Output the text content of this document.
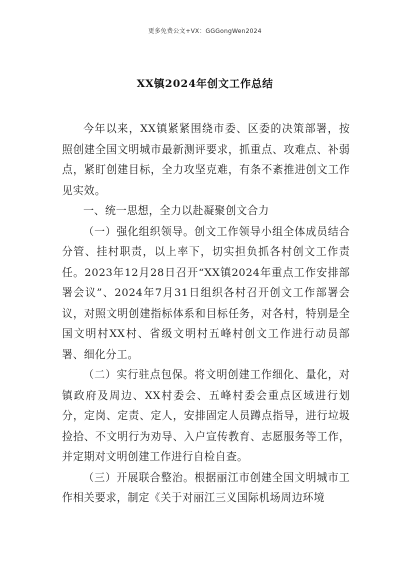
更多免费公文+VX：GGGongWen2024
XX镇2024年创文工作总结

今年以来，XX镇紧紧围绕市委、区委的决策部署，按照创建全国文明城市最新测评要求，抓重点、攻难点、补弱点，紧盯创建目标，全力攻坚克难，有条不紊推进创文工作见实效。

一、统一思想，全力以赴凝聚创文合力

（一）强化组织领导。创文工作领导小组全体成员结合分管、挂村职责，以上率下，切实担负抓各村创文工作责任。2023年12月28日召开“XX镇2024年重点工作安排部署会议”、2024年7月31日组织各村召开创文工作部署会议，对照文明创建指标体系和目标任务，对各村，特别是全国文明村XX村、省级文明村五峰村创文工作进行动员部署、细化分工。

（二）实行驻点包保。将文明创建工作细化、量化，对镇政府及周边、XX村委会、五峰村委会重点区域进行划分，定岗、定责、定人，安排固定人员蹲点指导，进行垃圾捡拾、不文明行为劝导、入户宣传教育、志愿服务等工作，并定期对文明创建工作进行自检自查。

（三）开展联合整治。根据丽江市创建全国文明城市工作相关要求，制定《关于对丽江三义国际机场周边环境
